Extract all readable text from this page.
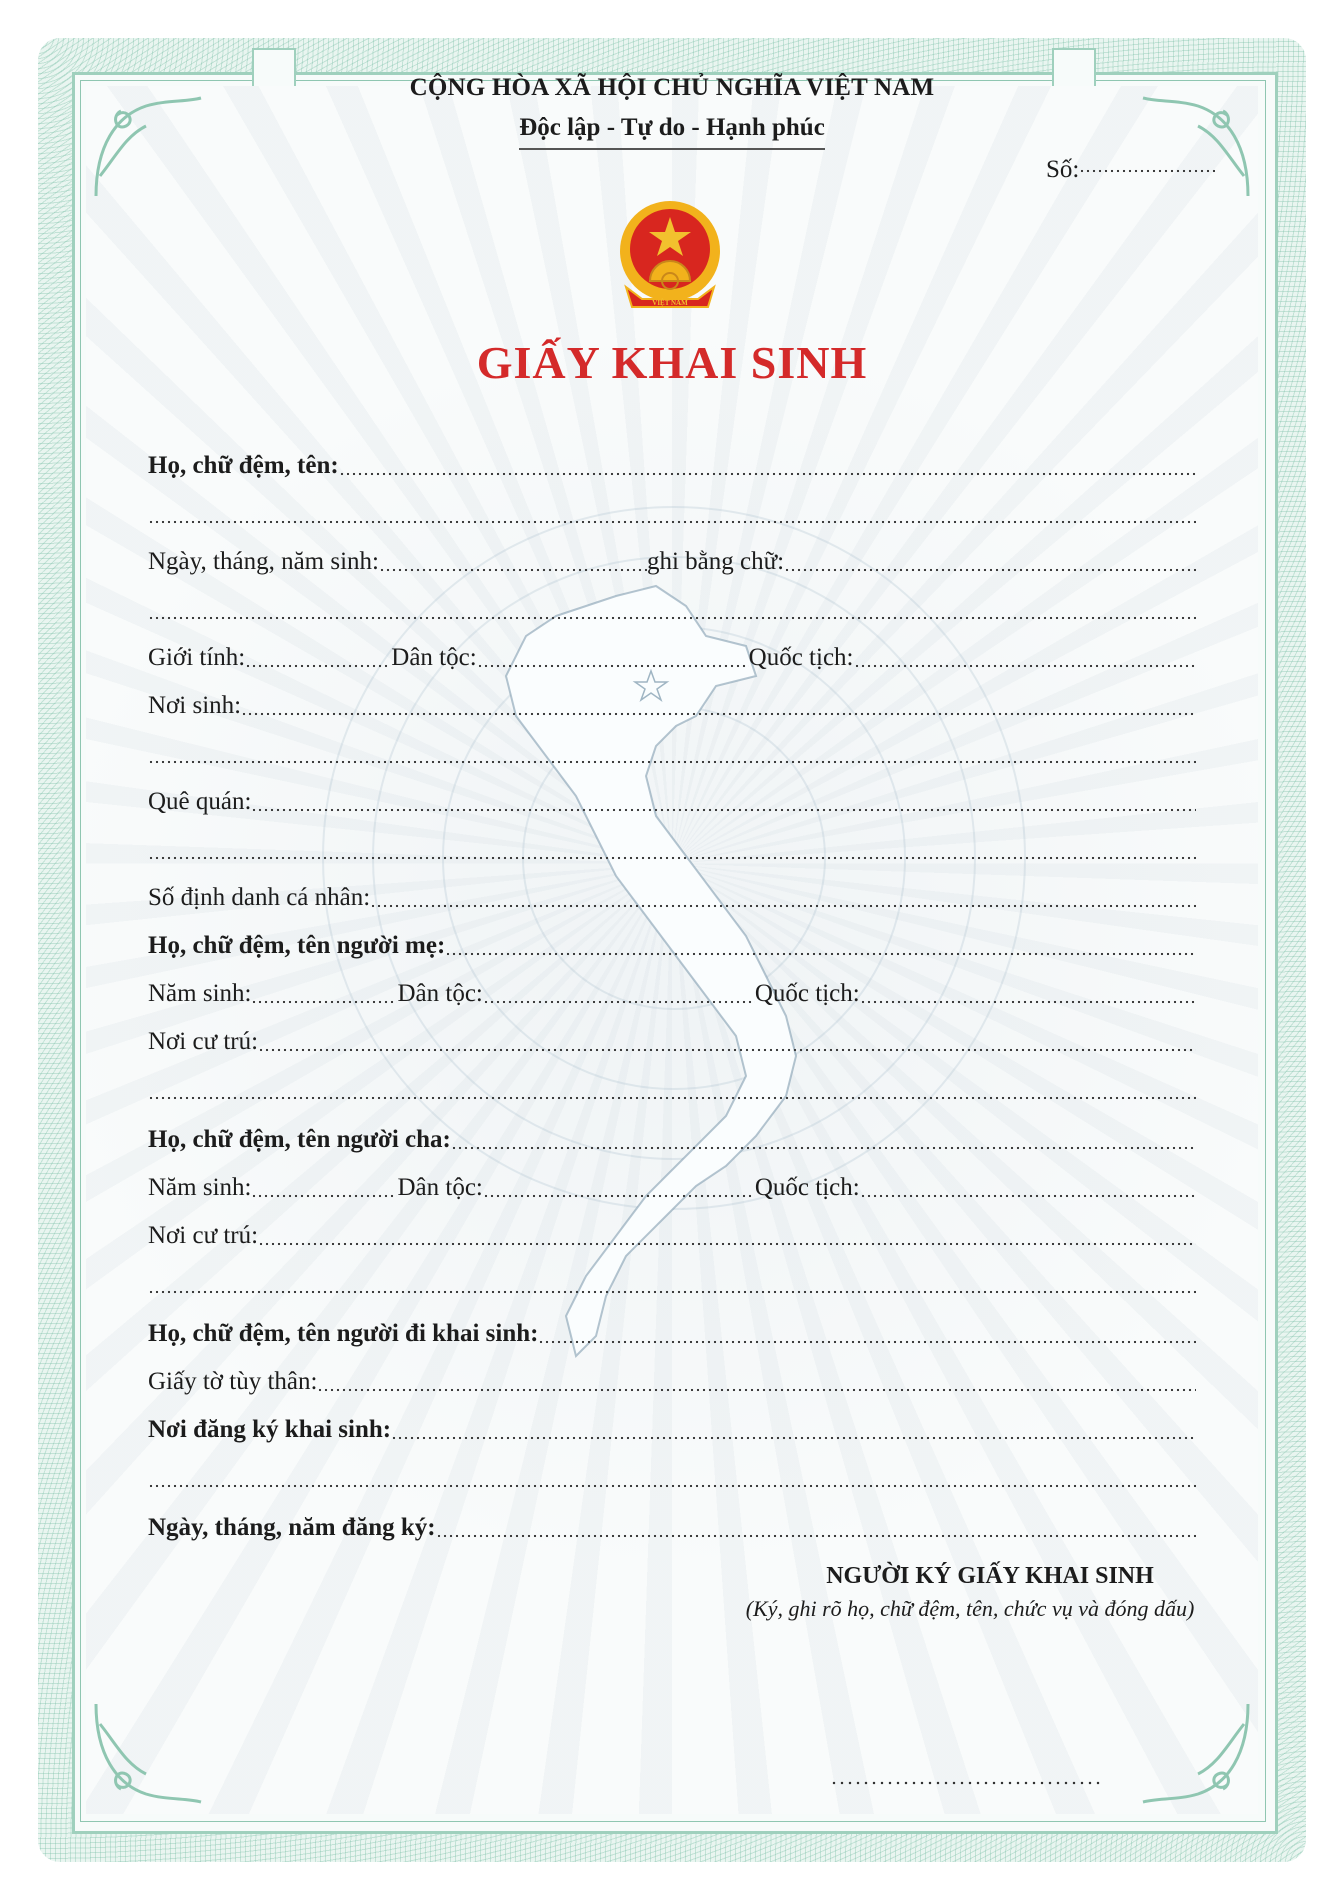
CỘNG HÒA XÃ HỘI CHỦ NGHĨA VIỆT NAM
Độc lập - Tự do - Hạnh phúc
Số:
VIỆT NAM
GIẤY KHAI SINH
Họ, chữ đệm, tên:
Ngày, tháng, năm sinh:	ghi bằng chữ:
Giới tính:	Dân tộc:	Quốc tịch:
Nơi sinh:
Quê quán:
Số định danh cá nhân:
Họ, chữ đệm, tên người mẹ:
Năm sinh:	Dân tộc:	Quốc tịch:
Nơi cư trú:
Họ, chữ đệm, tên người cha:
Năm sinh:	Dân tộc:	Quốc tịch:
Nơi cư trú:
Họ, chữ đệm, tên người đi khai sinh:
Giấy tờ tùy thân:
Nơi đăng ký khai sinh:
Ngày, tháng, năm đăng ký:
NGƯỜI KÝ GIẤY KHAI SINH
(Ký, ghi rõ họ, chữ đệm, tên, chức vụ và đóng dấu)
